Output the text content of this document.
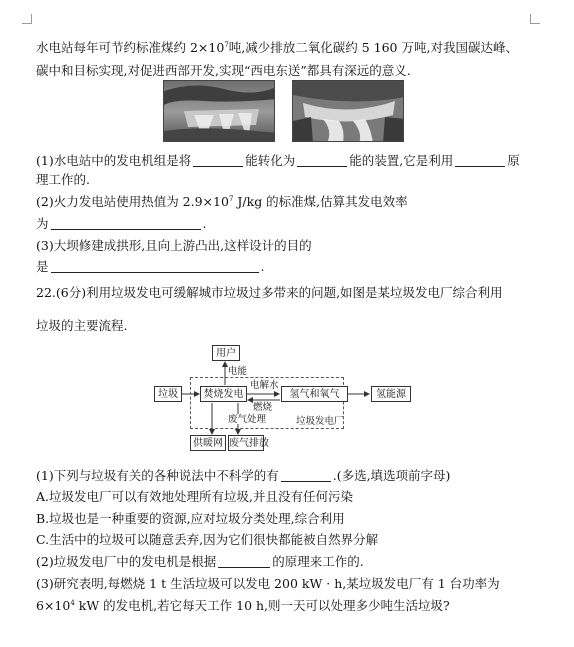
水电站每年可节约标准煤约 $2\times 10^7$吨,减少排放二氧化碳约 5 160 万吨,对我国碳达峰、
碳中和目标实现,对促进西部开发,实现“西电东送”都具有深远的意义.
(1)水电站中的发电机组是将	能转化为	能的装置,它是利用	原
理工作的.
(2)火力发电站使用热值为 $2.9\times 10^7$ J/kg 的标准煤,估算其发电效率
为	.
(3)大坝修建成拱形,且向上游凸出,这样设计的目的
是	.
22.(6分)利用垃圾发电可缓解城市垃圾过多带来的问题,如图是某垃圾发电厂综合利用
垃圾的主要流程.
用户
电能
垃圾	焚烧发电
电解水
氢气和氧气	氢能源
燃烧
废气处理	垃圾发电厂
供暖网 废气排放
(1)下列与垃圾有关的各种说法中不科学的有	.(多选,填选项前字母)
A.垃圾发电厂可以有效地处理所有垃圾,并且没有任何污染
B.垃圾也是一种重要的资源,应对垃圾分类处理,综合利用
C.生活中的垃圾可以随意丢弃,因为它们很快都能被自然界分解
(2)垃圾发电厂中的发电机是根据	的原理来工作的.
(3)研究表明,每燃烧 1 t 生活垃圾可以发电 200 kW · h,某垃圾发电厂有 1 台功率为
$6\times 10^4$ kW 的发电机,若它每天工作 10 h,则一天可以处理多少吨生活垃圾?
